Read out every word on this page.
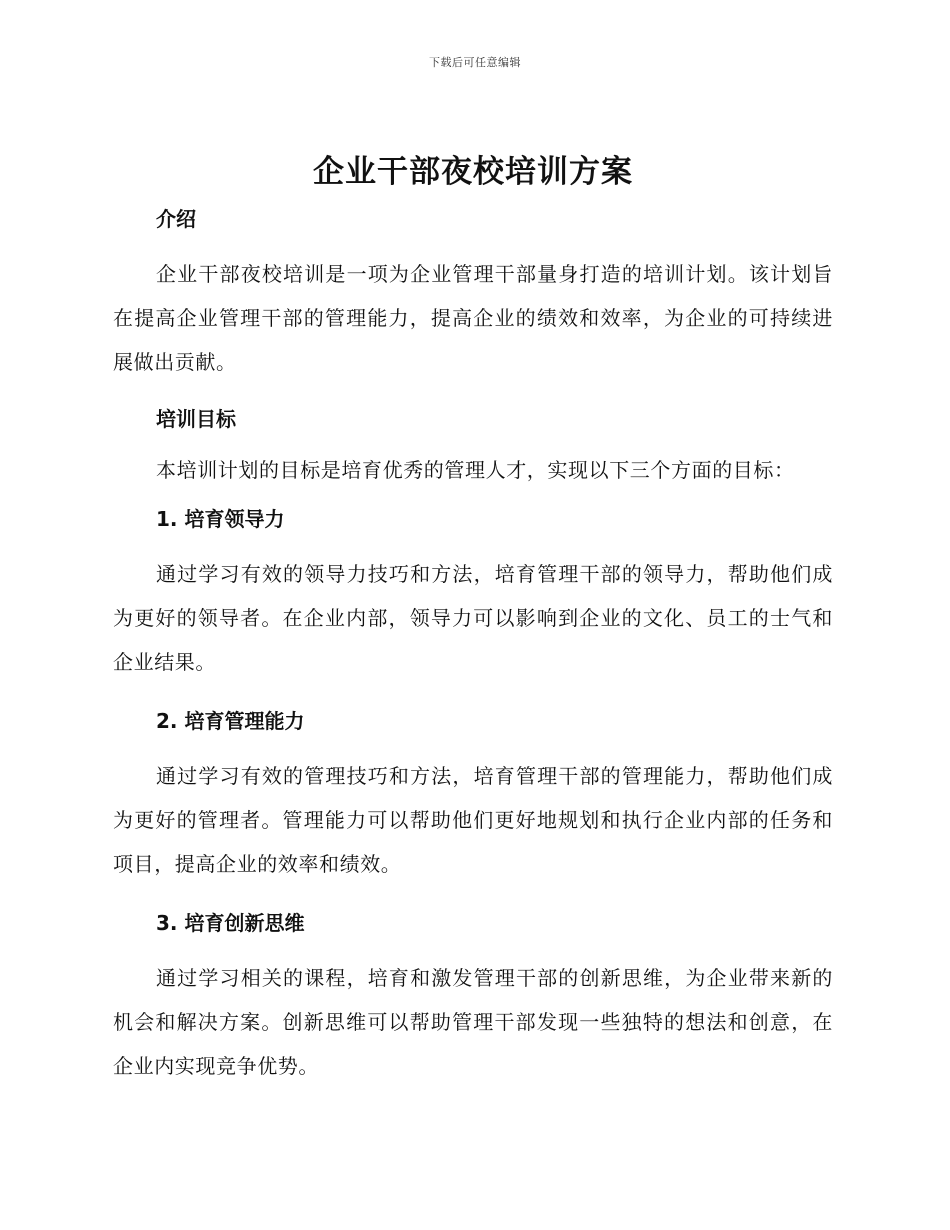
下载后可任意编辑
企业干部夜校培训方案
介绍

企业干部夜校培训是一项为企业管理干部量身打造的培训计划。该计划旨在提高企业管理干部的管理能力，提高企业的绩效和效率，为企业的可持续进展做出贡献。

培训目标

本培训计划的目标是培育优秀的管理人才，实现以下三个方面的目标：

1. 培育领导力

通过学习有效的领导力技巧和方法，培育管理干部的领导力，帮助他们成为更好的领导者。在企业内部，领导力可以影响到企业的文化、员工的士气和企业结果。

2. 培育管理能力

通过学习有效的管理技巧和方法，培育管理干部的管理能力，帮助他们成为更好的管理者。管理能力可以帮助他们更好地规划和执行企业内部的任务和项目，提高企业的效率和绩效。

3. 培育创新思维

通过学习相关的课程，培育和激发管理干部的创新思维，为企业带来新的机会和解决方案。创新思维可以帮助管理干部发现一些独特的想法和创意，在企业内实现竞争优势。
